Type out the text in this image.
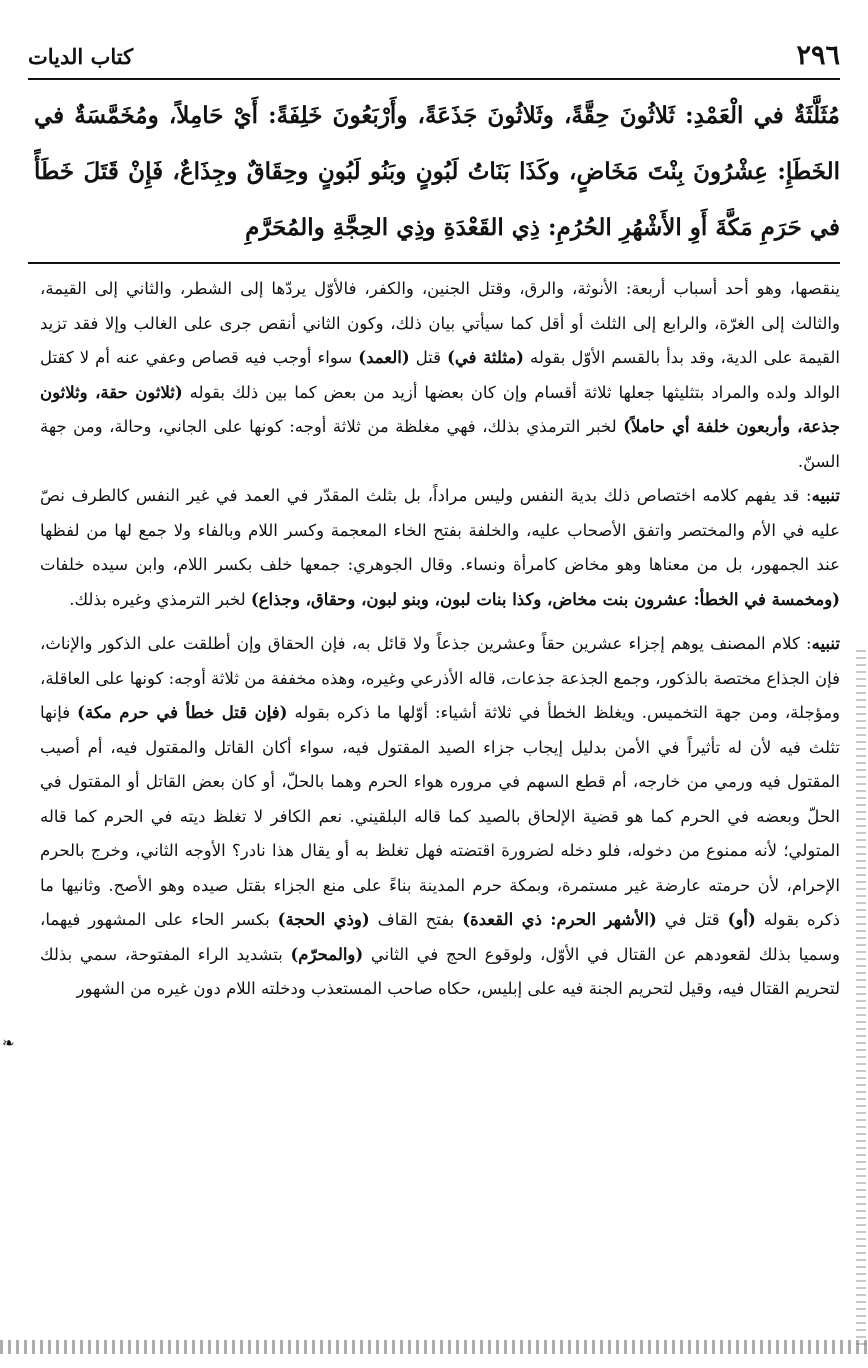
كتاب الديات	٢٩٦
مُثَلَّثَةٌ في الْعَمْدِ: ثَلاثُونَ حِقَّةً، وثَلاثُونَ جَذَعَةً، وأَرْبَعُونَ خَلِفَةً: أَيْ حَامِلاً، ومُخَمَّسَةٌ في الخَطَإِ: عِشْرُونَ بِنْتَ مَخَاضٍ، وكَذَا بَنَاتُ لَبُونٍ وبَنُو لَبُونٍ وحِقَاقٌ وجِذَاعٌ، فَإِنْ قَتَلَ خَطَأً في حَرَمِ مَكَّةَ أَوِ الأَشْهُرِ الحُرُمِ: ذِي القَعْدَةِ وذِي الحِجَّةِ والمُحَرَّمِ

ينقصها، وهو أحد أسباب أربعة: الأنوثة، والرق، وقتل الجنين، والكفر، فالأوّل يردّها إلى الشطر، والثاني إلى القيمة، والثالث إلى الغرّة، والرابع إلى الثلث أو أقل كما سيأتي بيان ذلك، وكون الثاني أنقص جرى على الغالب وإلا فقد تزيد القيمة على الدية، وقد بدأ بالقسم الأوّل بقوله (مثلثة في) قتل (العمد) سواء أوجب فيه قصاص وعفي عنه أم لا كقتل الوالد ولده والمراد بتثليثها جعلها ثلاثة أقسام وإن كان بعضها أزيد من بعض كما بين ذلك بقوله (ثلاثون حقة، وثلاثون جذعة، وأربعون خلفة أي حاملاً) لخبر الترمذي بذلك، فهي مغلظة من ثلاثة أوجه: كونها على الجاني، وحالة، ومن جهة السنّ.

تنبيه: قد يفهم كلامه اختصاص ذلك بدية النفس وليس مراداً، بل بثلث المقدّر في العمد في غير النفس كالطرف نصّ عليه في الأم والمختصر واتفق الأصحاب عليه، والخلفة بفتح الخاء المعجمة وكسر اللام وبالفاء ولا جمع لها من لفظها عند الجمهور، بل من معناها وهو مخاض كامرأة ونساء. وقال الجوهري: جمعها خلف بكسر اللام، وابن سيده خلفات (ومخمسة في الخطأ: عشرون بنت مخاض، وكذا بنات لبون، وبنو لبون، وحقاق، وجذاع) لخبر الترمذي وغيره بذلك.

تنبيه: كلام المصنف يوهم إجزاء عشرين حقاً وعشرين جذعاً ولا قائل به، فإن الحقاق وإن أطلقت على الذكور والإناث، فإن الجذاع مختصة بالذكور، وجمع الجذعة جذعات، قاله الأذرعي وغيره، وهذه مخففة من ثلاثة أوجه: كونها على العاقلة، ومؤجلة، ومن جهة التخميس. ويغلظ الخطأ في ثلاثة أشياء: أوّلها ما ذكره بقوله (فإن قتل خطأ في حرم مكة) فإنها تثلث فيه لأن له تأثيراً في الأمن بدليل إيجاب جزاء الصيد المقتول فيه، سواء أكان القاتل والمقتول فيه، أم أصيب المقتول فيه ورمي من خارجه، أم قطع السهم في مروره هواء الحرم وهما بالحلّ، أو كان بعض القاتل أو المقتول في الحلّ وبعضه في الحرم كما هو قضية الإلحاق بالصيد كما قاله البلقيني. نعم الكافر لا تغلظ ديته في الحرم كما قاله المتولي؛ لأنه ممنوع من دخوله، فلو دخله لضرورة اقتضته فهل تغلظ به أو يقال هذا نادر؟ الأوجه الثاني، وخرج بالحرم الإحرام، لأن حرمته عارضة غير مستمرة، وبمكة حرم المدينة بناءً على منع الجزاء بقتل صيده وهو الأصح. وثانيها ما ذكره بقوله (أو) قتل في (الأشهر الحرم: ذي القعدة) بفتح القاف (وذي الحجة) بكسر الحاء على المشهور فيهما، وسميا بذلك لقعودهم عن القتال في الأوّل، ولوقوع الحج في الثاني (والمحرّم) بتشديد الراء المفتوحة، سمي بذلك لتحريم القتال فيه، وقيل لتحريم الجنة فيه على إبليس، حكاه صاحب المستعذب ودخلته اللام دون غيره من الشهور

❧
